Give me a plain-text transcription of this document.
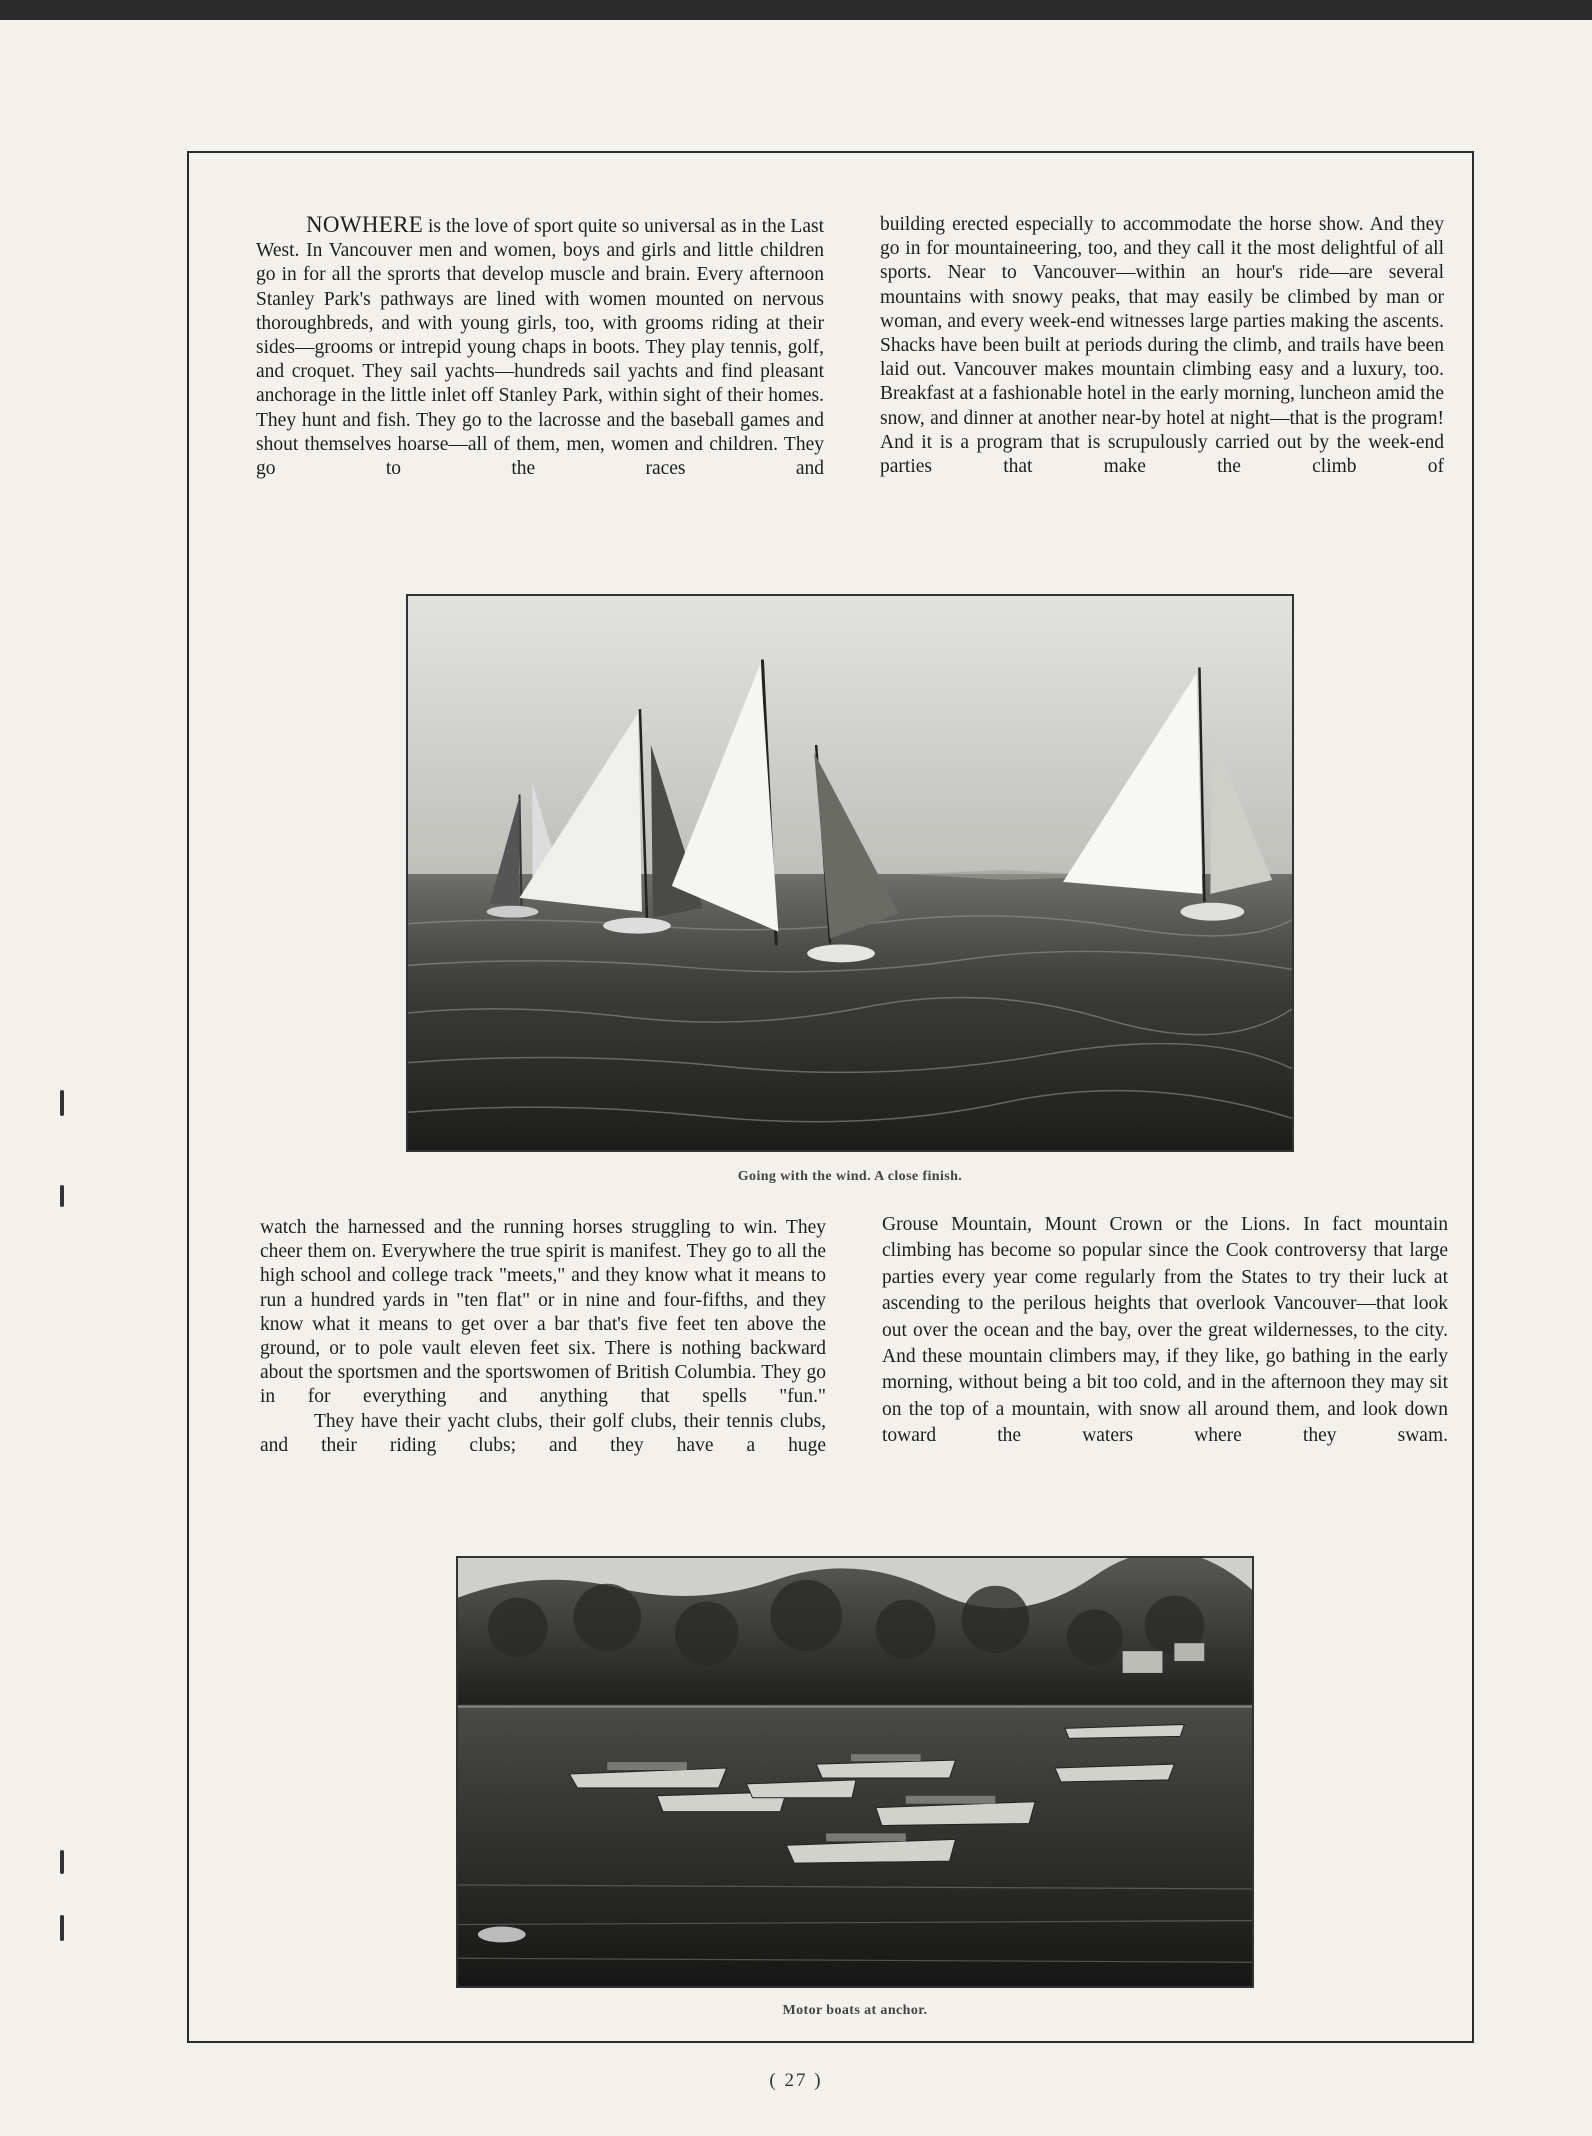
NOWHERE is the love of sport quite so universal as in the Last West. In Vancouver men and women, boys and girls and little children go in for all the sprorts that develop muscle and brain. Every afternoon Stanley Park's pathways are lined with women mounted on nervous thoroughbreds, and with young girls, too, with grooms riding at their sides—grooms or intrepid young chaps in boots. They play tennis, golf, and croquet. They sail yachts—hundreds sail yachts and find pleasant anchorage in the little inlet off Stanley Park, within sight of their homes. They hunt and fish. They go to the lacrosse and the baseball games and shout themselves hoarse—all of them, men, women and children. They go to the races and

building erected especially to accommodate the horse show. And they go in for mountaineering, too, and they call it the most delightful of all sports. Near to Vancouver—within an hour's ride—are several mountains with snowy peaks, that may easily be climbed by man or woman, and every week-end witnesses large parties making the ascents. Shacks have been built at periods during the climb, and trails have been laid out. Vancouver makes mountain climbing easy and a luxury, too. Breakfast at a fashionable hotel in the early morning, luncheon amid the snow, and dinner at another near-by hotel at night—that is the program! And it is a program that is scrupulously carried out by the week-end parties that make the climb of

Going with the wind. A close finish.

watch the harnessed and the running horses struggling to win. They cheer them on. Everywhere the true spirit is manifest. They go to all the high school and college track "meets," and they know what it means to run a hundred yards in "ten flat" or in nine and four-fifths, and they know what it means to get over a bar that's five feet ten above the ground, or to pole vault eleven feet six. There is nothing backward about the sportsmen and the sportswomen of British Columbia. They go in for everything and anything that spells "fun."

They have their yacht clubs, their golf clubs, their tennis clubs, and their riding clubs; and they have a huge

Grouse Mountain, Mount Crown or the Lions. In fact mountain climbing has become so popular since the Cook controversy that large parties every year come regularly from the States to try their luck at ascending to the perilous heights that overlook Vancouver—that look out over the ocean and the bay, over the great wildernesses, to the city. And these mountain climbers may, if they like, go bathing in the early morning, without being a bit too cold, and in the afternoon they may sit on the top of a mountain, with snow all around them, and look down toward the waters where they swam.

Motor boats at anchor.
( 27 )
